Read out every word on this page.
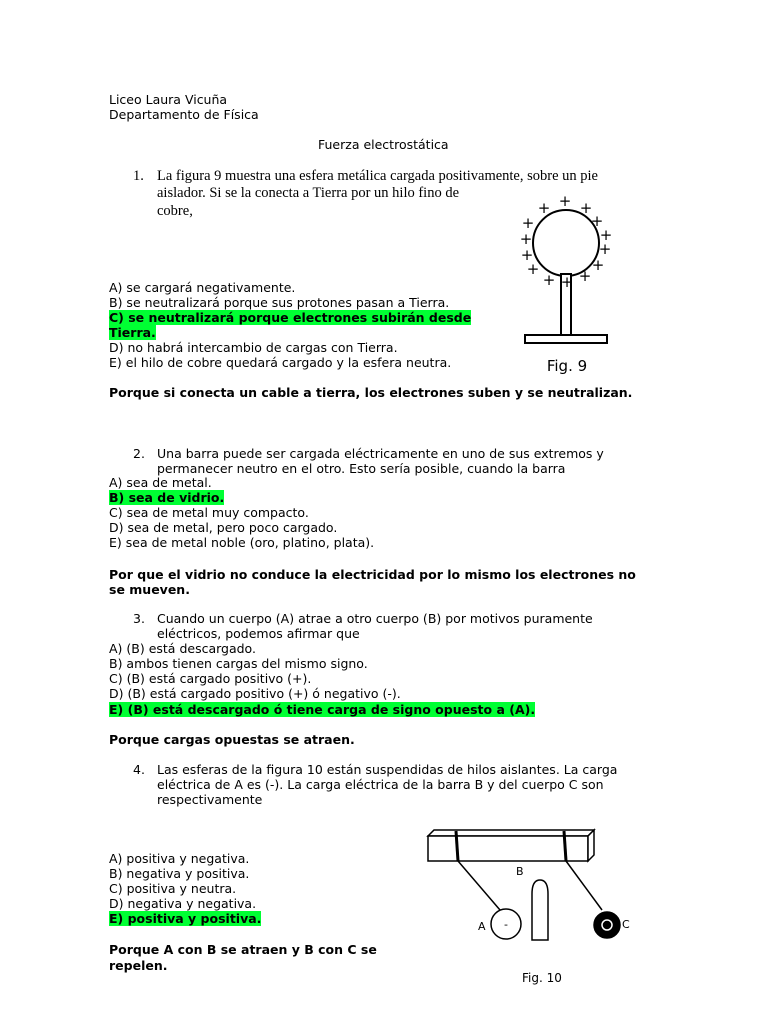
Liceo Laura Vicuña
Departamento de Física
Fuerza electrostática
1. La figura 9 muestra una esfera metálica cargada positivamente, sobre un pie
aislador. Si se la conecta a Tierra por un hilo fino de
cobre,
A) se cargará negativamente.
B) se neutralizará porque sus protones pasan a Tierra.
C) se neutralizará porque electrones subirán desde
Tierra.
D) no habrá intercambio de cargas con Tierra.
E) el hilo de cobre quedará cargado y la esfera neutra.
Porque si conecta un cable a tierra, los electrones suben y se neutralizan.
+ + +
+
+
+
+
+
+
+
+	+
+ +
Fig. 9
2. Una barra puede ser cargada eléctricamente en uno de sus extremos y
permanecer neutro en el otro. Esto sería posible, cuando la barra
A) sea de metal.
B) sea de vidrio.
C) sea de metal muy compacto.
D) sea de metal, pero poco cargado.
E) sea de metal noble (oro, platino, plata).
Por que el vidrio no conduce la electricidad por lo mismo los electrones no
se mueven.
3. Cuando un cuerpo (A) atrae a otro cuerpo (B) por motivos puramente
eléctricos, podemos afirmar que
A) (B) está descargado.
B) ambos tienen cargas del mismo signo.
C) (B) está cargado positivo (+).
D) (B) está cargado positivo (+) ó negativo (-).
E) (B) está descargado ó tiene carga de signo opuesto a (A).
Porque cargas opuestas se atraen.
4. Las esferas de la figura 10 están suspendidas de hilos aislantes. La carga
eléctrica de A es (-). La carga eléctrica de la barra B y del cuerpo C son
respectivamente
A) positiva y negativa.
B) negativa y positiva.
C) positiva y neutra.
D) negativa y negativa.
E) positiva y positiva.
Porque A con B se atraen y B con C se
repelen.
-
A
B
C
Fig. 10
